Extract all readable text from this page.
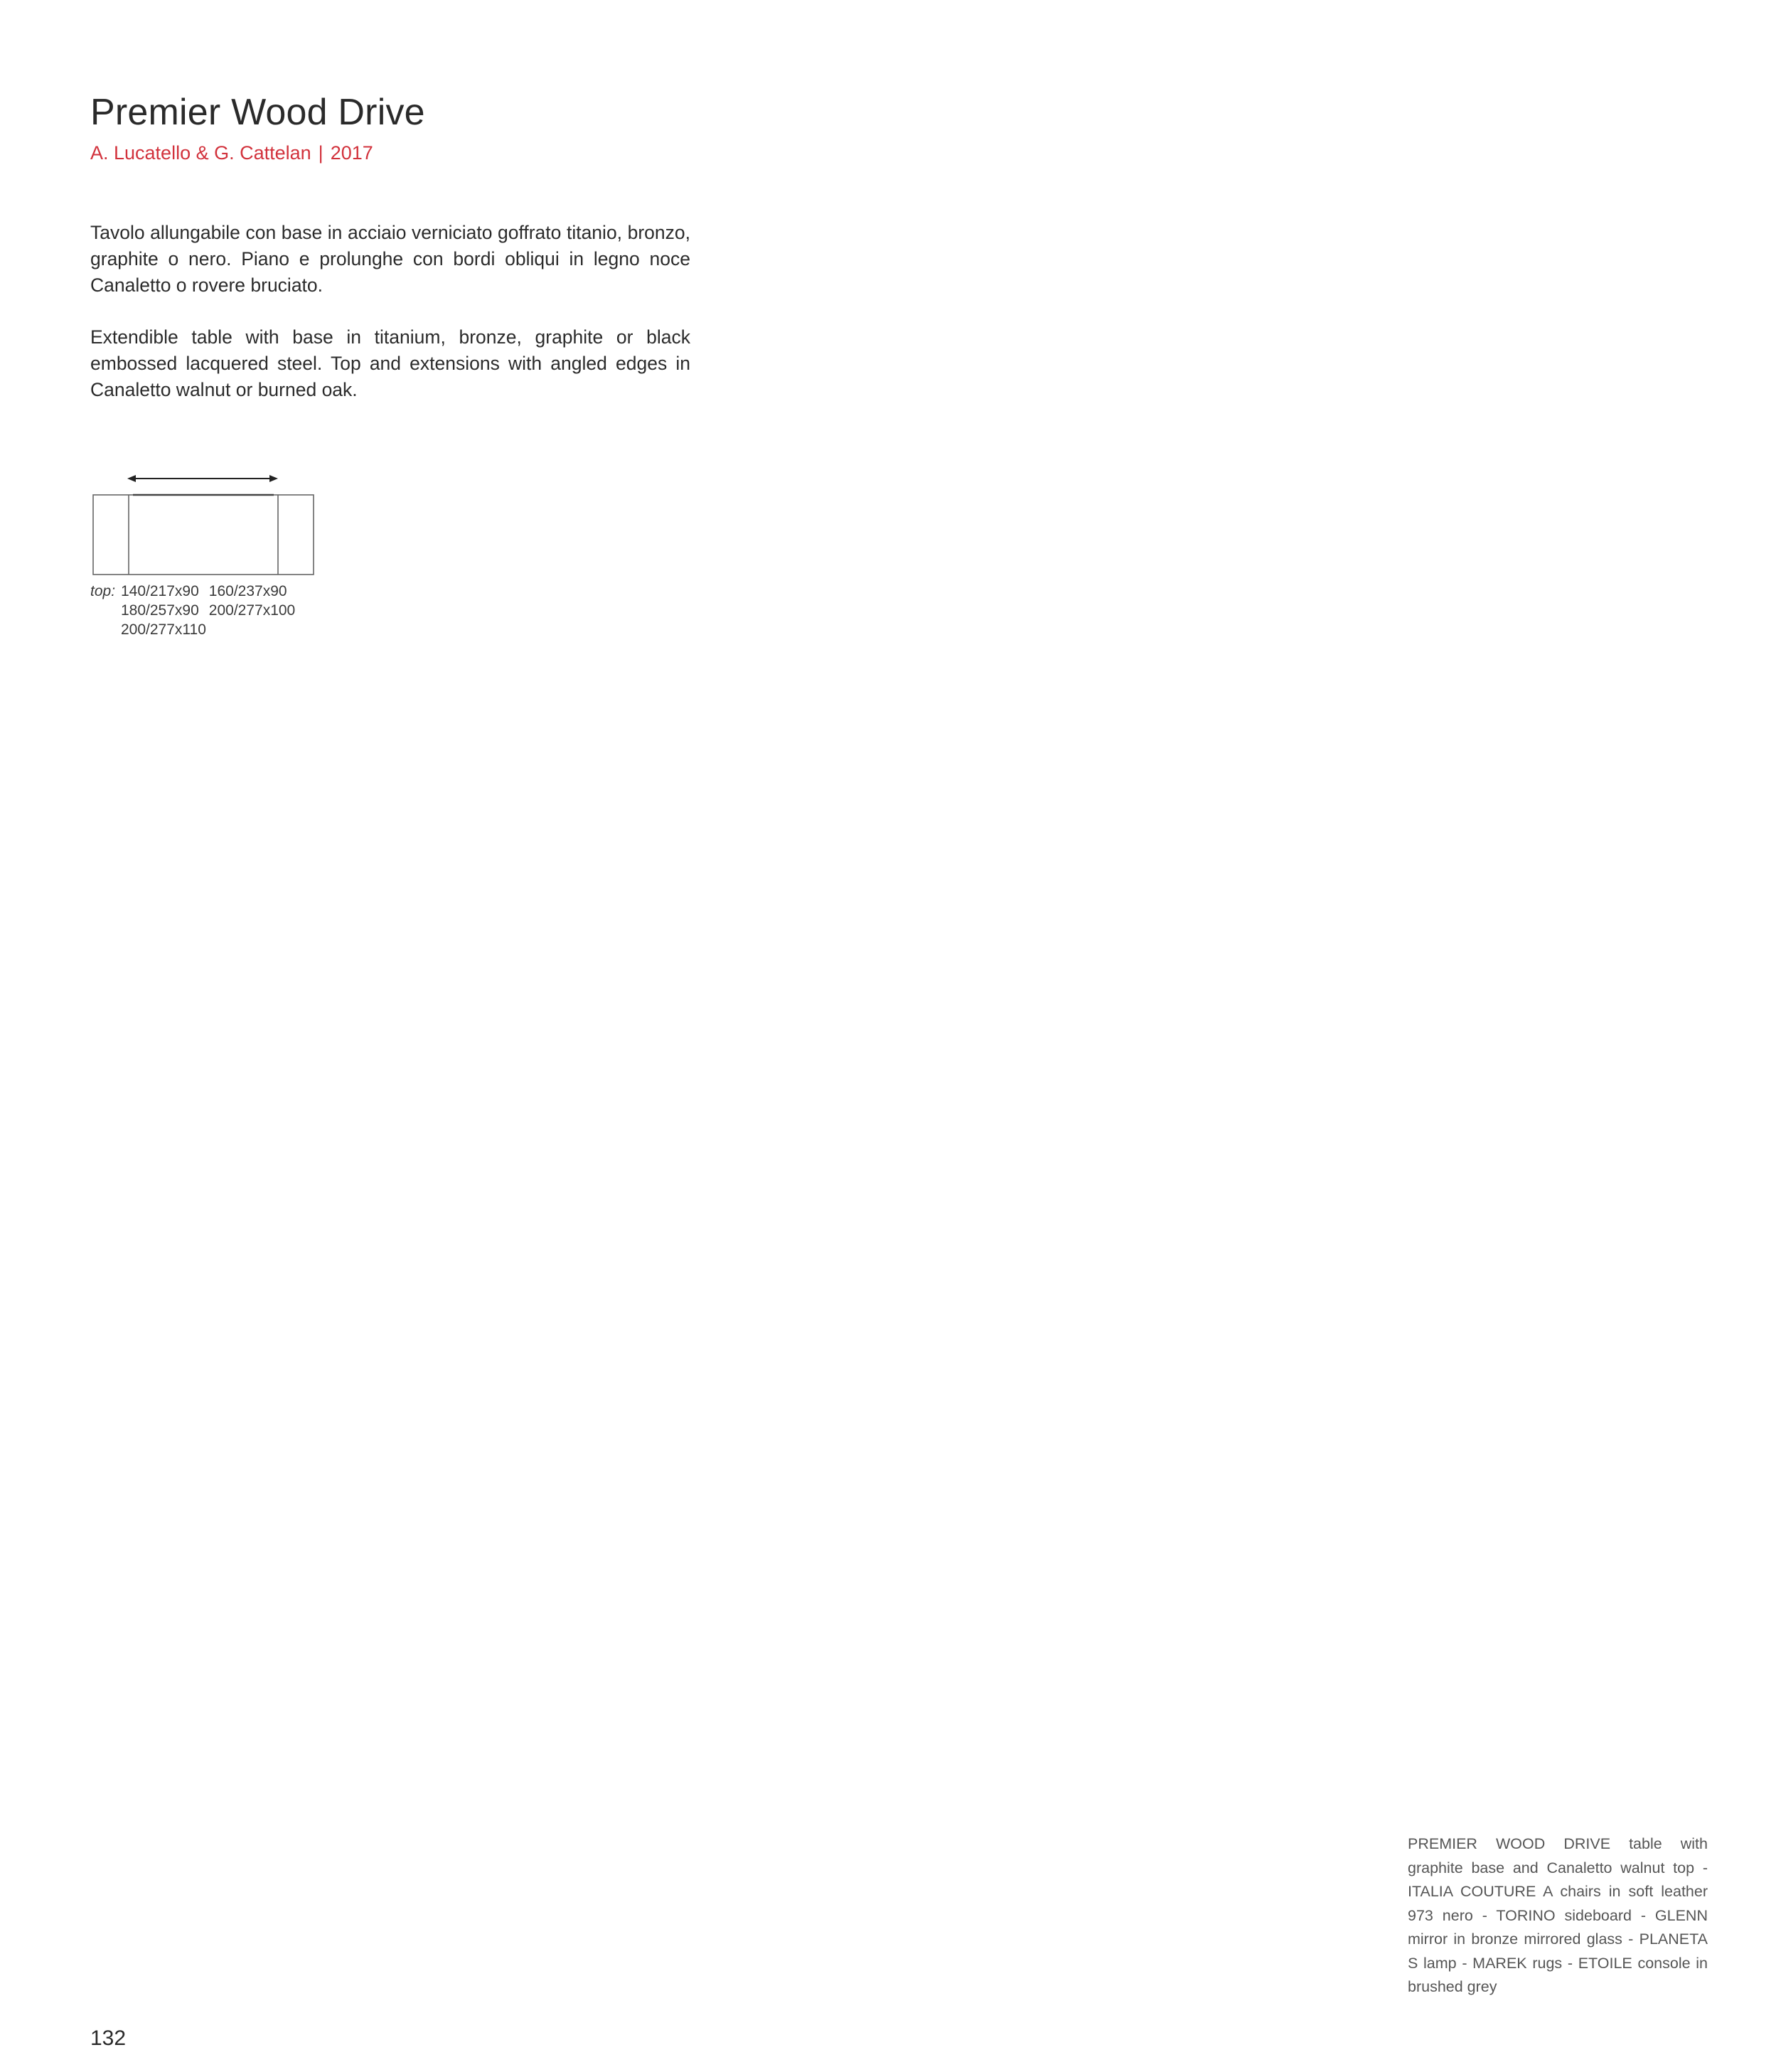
Premier Wood Drive
A. Lucatello & G. Cattelan | 2017

Tavolo allungabile con base in acciaio verniciato goffrato titanio, bronzo, graphite o nero. Piano e prolunghe con bordi obliqui in legno noce Canaletto o rovere bruciato.

Extendible table with base in titanium, bronze, graphite or black embossed lacquered steel. Top and extensions with angled edges in Canaletto walnut or burned oak.

top: 140/217x90 160/237x90
180/257x90 200/277x100
200/277x110

PREMIER WOOD DRIVE table with graphite base and Canaletto walnut top - ITALIA COUTURE A chairs in soft leather 973 nero - TORINO sideboard - GLENN mirror in bronze mirrored glass - PLANETA S lamp - MAREK rugs - ETOILE console in brushed grey

132
